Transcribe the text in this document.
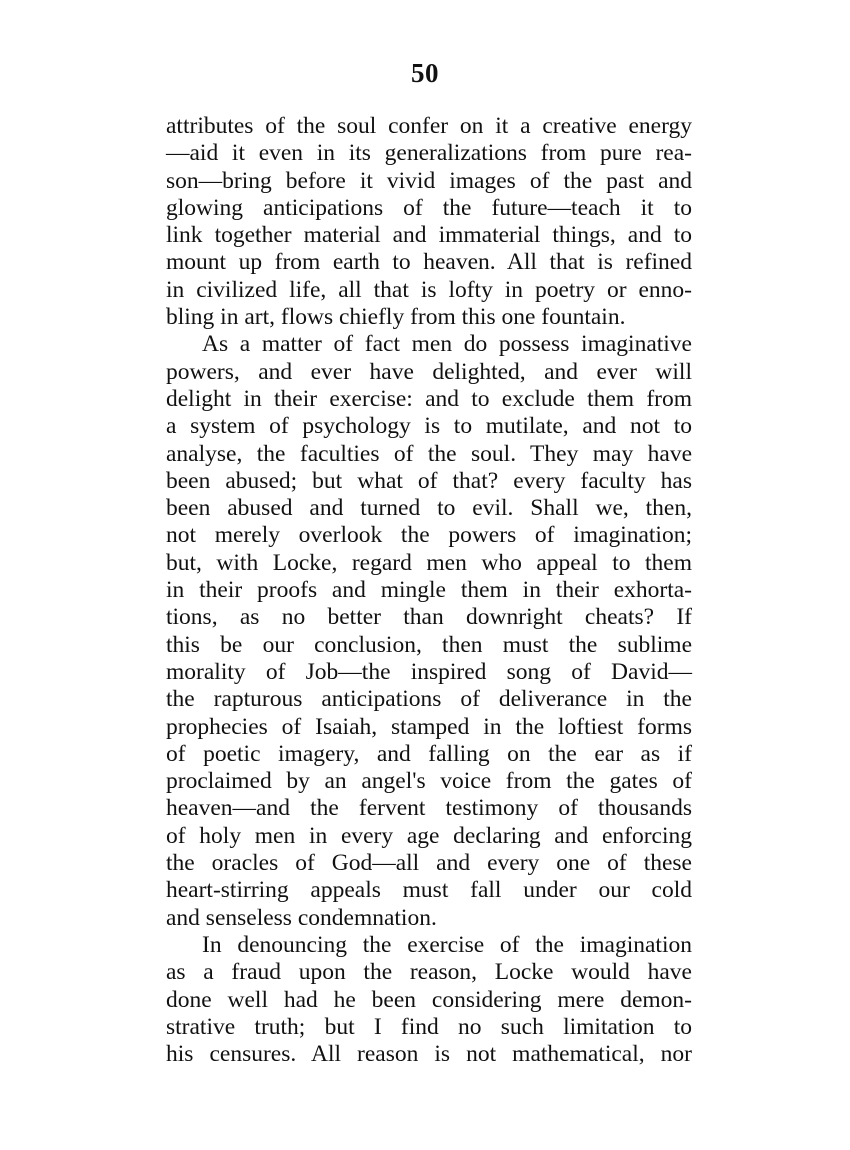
50
attributes of the soul confer on it a creative energy
—aid it even in its generalizations from pure rea-
son—bring before it vivid images of the past and
glowing anticipations of the future—teach it to
link together material and immaterial things, and to
mount up from earth to heaven. All that is refined
in civilized life, all that is lofty in poetry or enno-
bling in art, flows chiefly from this one fountain.
As a matter of fact men do possess imaginative
powers, and ever have delighted, and ever will
delight in their exercise: and to exclude them from
a system of psychology is to mutilate, and not to
analyse, the faculties of the soul. They may have
been abused; but what of that? every faculty has
been abused and turned to evil. Shall we, then,
not merely overlook the powers of imagination;
but, with Locke, regard men who appeal to them
in their proofs and mingle them in their exhorta-
tions, as no better than downright cheats? If
this be our conclusion, then must the sublime
morality of Job—the inspired song of David—
the rapturous anticipations of deliverance in the
prophecies of Isaiah, stamped in the loftiest forms
of poetic imagery, and falling on the ear as if
proclaimed by an angel's voice from the gates of
heaven—and the fervent testimony of thousands
of holy men in every age declaring and enforcing
the oracles of God—all and every one of these
heart-stirring appeals must fall under our cold
and senseless condemnation.
In denouncing the exercise of the imagination
as a fraud upon the reason, Locke would have
done well had he been considering mere demon-
strative truth; but I find no such limitation to
his censures. All reason is not mathematical, nor
